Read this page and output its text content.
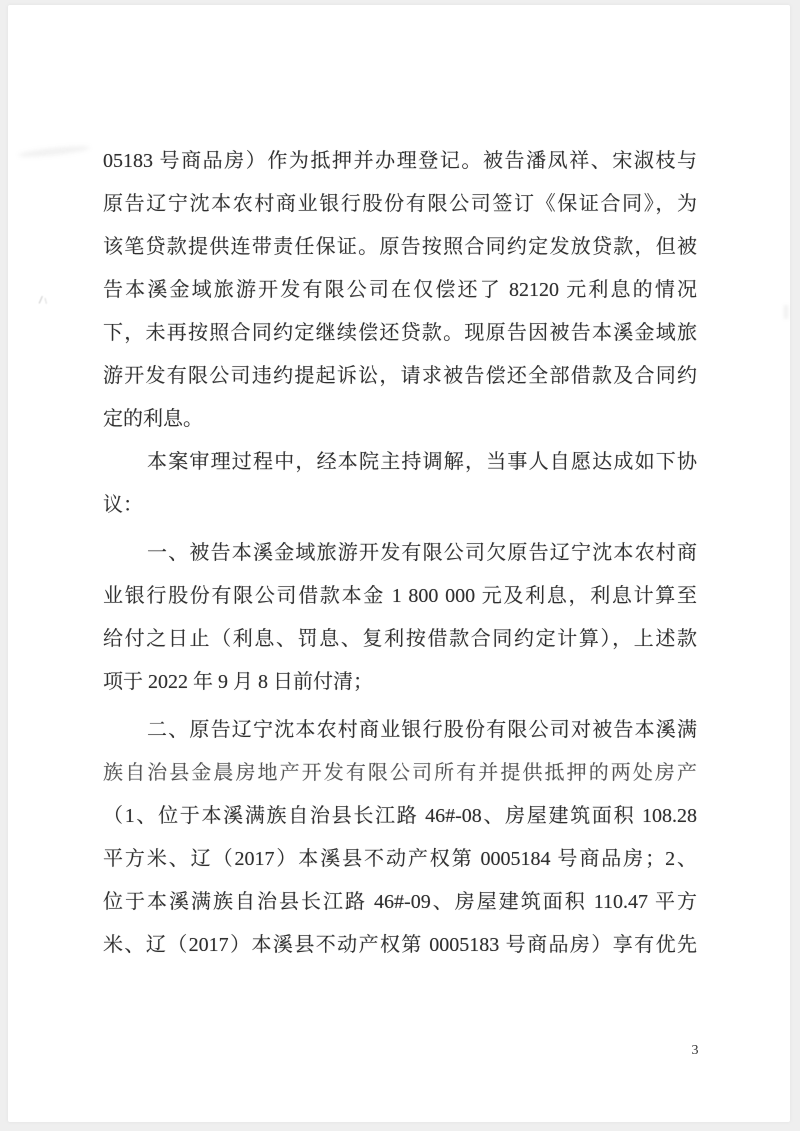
05183 号商品房）作为抵押并办理登记。被告潘凤祥、宋淑枝与
原告辽宁沈本农村商业银行股份有限公司签订《保证合同》，为
该笔贷款提供连带责任保证。原告按照合同约定发放贷款，但被
告本溪金域旅游开发有限公司在仅偿还了 82120 元利息的情况
下，未再按照合同约定继续偿还贷款。现原告因被告本溪金域旅
游开发有限公司违约提起诉讼，请求被告偿还全部借款及合同约
定的利息。
本案审理过程中，经本院主持调解，当事人自愿达成如下协
议：
一、被告本溪金域旅游开发有限公司欠原告辽宁沈本农村商
业银行股份有限公司借款本金 1 800 000 元及利息，利息计算至
给付之日止（利息、罚息、复利按借款合同约定计算），上述款
项于 2022 年 9 月 8 日前付清；
二、原告辽宁沈本农村商业银行股份有限公司对被告本溪满
族自治县金晨房地产开发有限公司所有并提供抵押的两处房产
（1、位于本溪满族自治县长江路 46#-08、房屋建筑面积 108.28
平方米、辽（2017）本溪县不动产权第 0005184 号商品房；2、
位于本溪满族自治县长江路 46#-09、房屋建筑面积 110.47 平方
米、辽（2017）本溪县不动产权第 0005183 号商品房）享有优先
3
